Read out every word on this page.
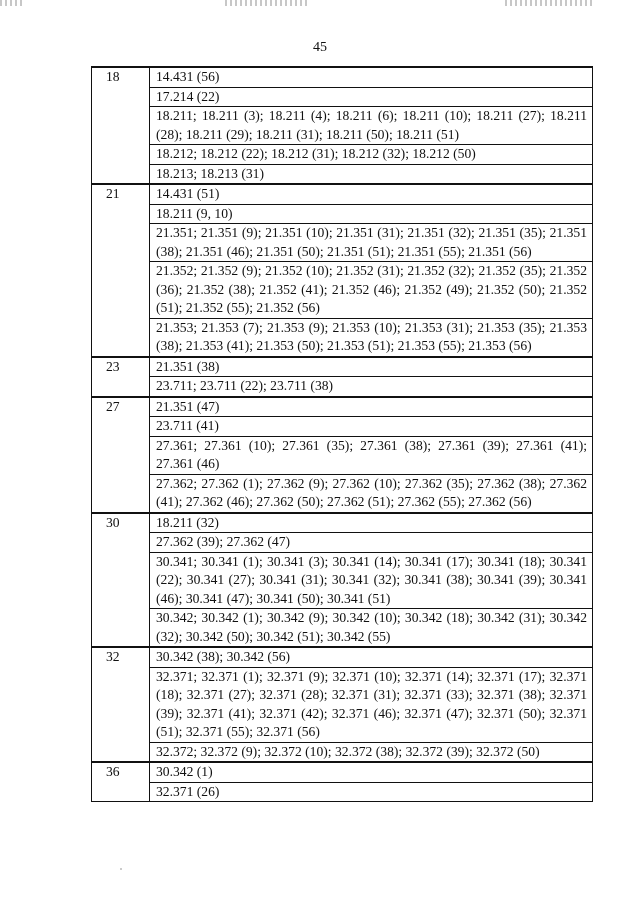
45
18	14.431 (56)
	17.214 (22)
	18.211; 18.211 (3); 18.211 (4); 18.211 (6); 18.211 (10); 18.211 (27); 18.211 (28); 18.211 (29); 18.211 (31); 18.211 (50); 18.211 (51)
	18.212; 18.212 (22); 18.212 (31); 18.212 (32); 18.212 (50)
	18.213; 18.213 (31)
21	14.431 (51)
	18.211 (9, 10)
	21.351; 21.351 (9); 21.351 (10); 21.351 (31); 21.351 (32); 21.351 (35); 21.351 (38); 21.351 (46); 21.351 (50); 21.351 (51); 21.351 (55); 21.351 (56)
	21.352; 21.352 (9); 21.352 (10); 21.352 (31); 21.352 (32); 21.352 (35); 21.352 (36); 21.352 (38); 21.352 (41); 21.352 (46); 21.352 (49); 21.352 (50); 21.352 (51); 21.352 (55); 21.352 (56)
	21.353; 21.353 (7); 21.353 (9); 21.353 (10); 21.353 (31); 21.353 (35); 21.353 (38); 21.353 (41); 21.353 (50); 21.353 (51); 21.353 (55); 21.353 (56)
23	21.351 (38)
	23.711; 23.711 (22); 23.711 (38)
27	21.351 (47)
	23.711 (41)
	27.361; 27.361 (10); 27.361 (35); 27.361 (38); 27.361 (39); 27.361 (41); 27.361 (46)
	27.362; 27.362 (1); 27.362 (9); 27.362 (10); 27.362 (35); 27.362 (38); 27.362 (41); 27.362 (46); 27.362 (50); 27.362 (51); 27.362 (55); 27.362 (56)
30	18.211 (32)
	27.362 (39); 27.362 (47)
	30.341; 30.341 (1); 30.341 (3); 30.341 (14); 30.341 (17); 30.341 (18); 30.341 (22); 30.341 (27); 30.341 (31); 30.341 (32); 30.341 (38); 30.341 (39); 30.341 (46); 30.341 (47); 30.341 (50); 30.341 (51)
	30.342; 30.342 (1); 30.342 (9); 30.342 (10); 30.342 (18); 30.342 (31); 30.342 (32); 30.342 (50); 30.342 (51); 30.342 (55)
32	30.342 (38); 30.342 (56)
	32.371; 32.371 (1); 32.371 (9); 32.371 (10); 32.371 (14); 32.371 (17); 32.371 (18); 32.371 (27); 32.371 (28); 32.371 (31); 32.371 (33); 32.371 (38); 32.371 (39); 32.371 (41); 32.371 (42); 32.371 (46); 32.371 (47); 32.371 (50); 32.371 (51); 32.371 (55); 32.371 (56)
	32.372; 32.372 (9); 32.372 (10); 32.372 (38); 32.372 (39); 32.372 (50)
36	30.342 (1)
	32.371 (26)
